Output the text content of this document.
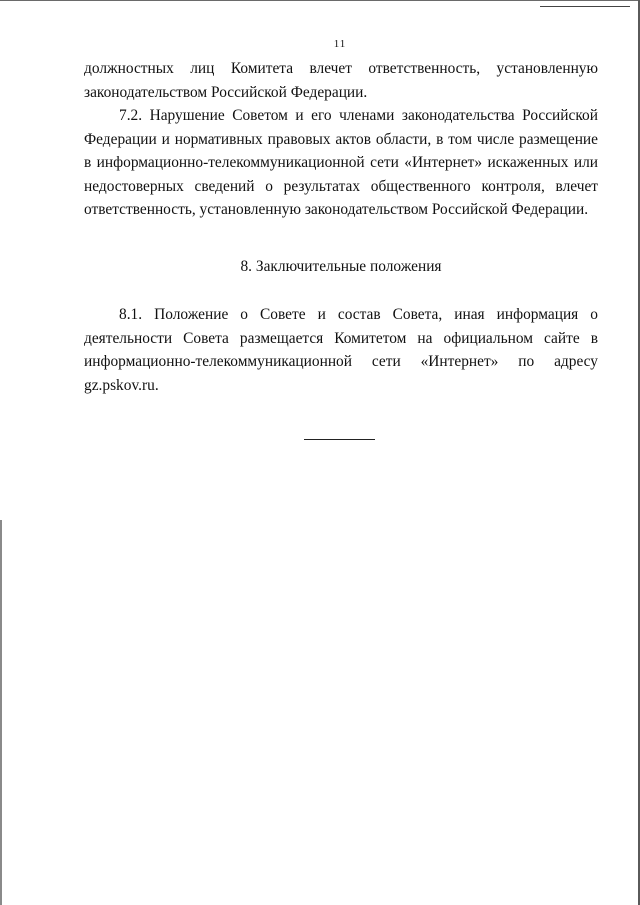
11

должностных лиц Комитета влечет ответственность, установленную законодательством Российской Федерации.

7.2. Нарушение Советом и его членами законодательства Российской Федерации и нормативных правовых актов области, в том числе размещение в информационно-телекоммуникационной сети «Интернет» искаженных или недостоверных сведений о результатах общественного контроля, влечет ответственность, установленную законодательством Российской Федерации.

8. Заключительные положения

8.1. Положение о Совете и состав Совета, иная информация о деятельности Совета размещается Комитетом на официальном сайте в информационно-телекоммуникационной сети «Интернет» по адресу gz.pskov.ru.
